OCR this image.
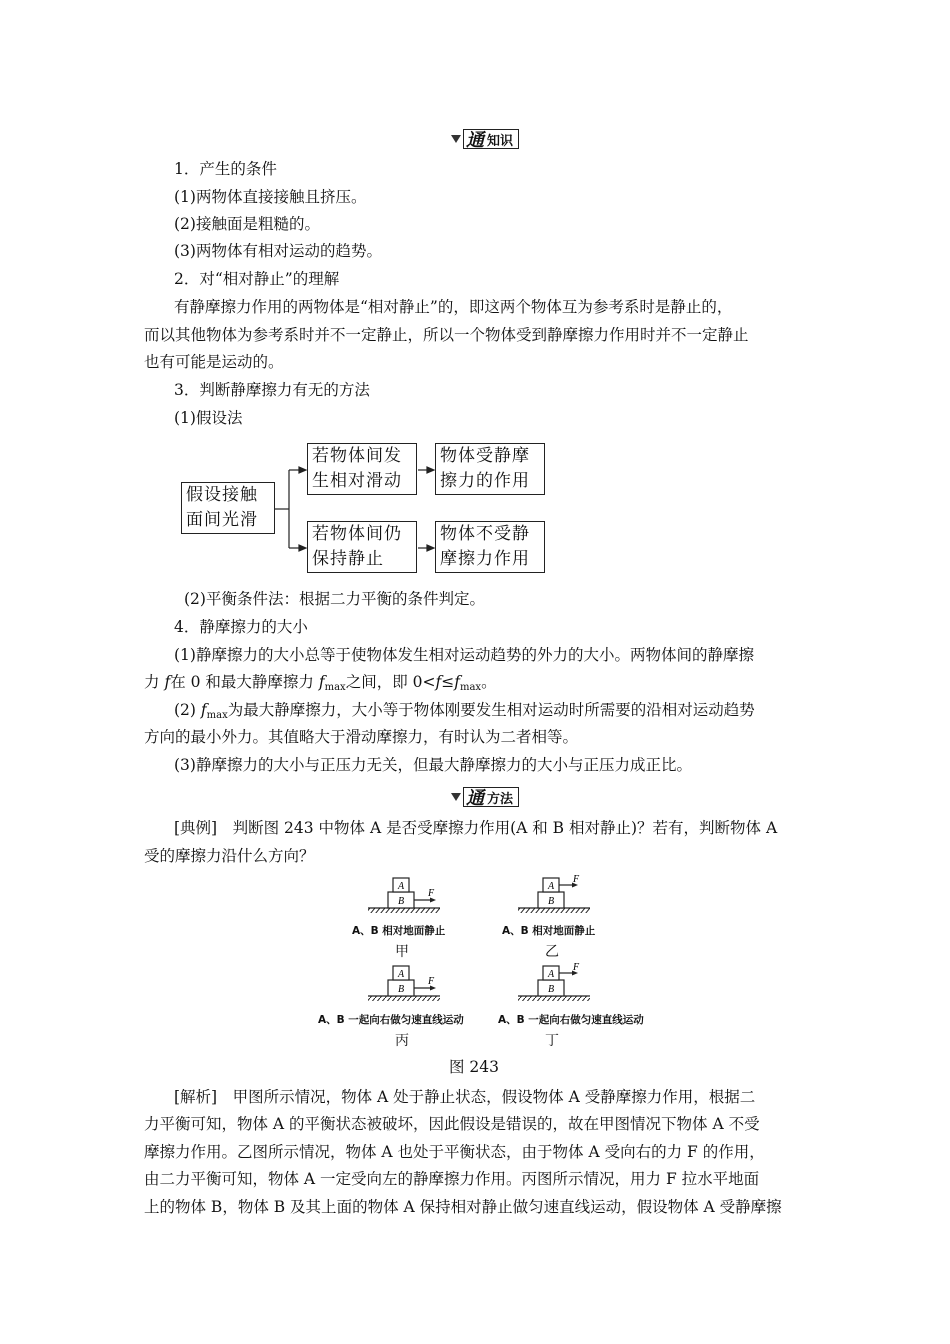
通 知识
1．产生的条件
(1)两物体直接接触且挤压。
(2)接触面是粗糙的。
(3)两物体有相对运动的趋势。
2．对“相对静止”的理解
有静摩擦力作用的两物体是“相对静止”的，即这两个物体互为参考系时是静止的，
而以其他物体为参考系时并不一定静止，所以一个物体受到静摩擦力作用时并不一定静止
也有可能是运动的。
3．判断静摩擦力有无的方法
(1)假设法
假设接触
面间光滑
若物体间发
生相对滑动
物体受静摩
擦力的作用
若物体间仍
保持静止
物体不受静
摩擦力作用
(2)平衡条件法：根据二力平衡的条件判定。
4．静摩擦力的大小
(1)静摩擦力的大小总等于使物体发生相对运动趋势的外力的大小。两物体间的静摩擦
力 f在 0 和最大静摩擦力 $f_{max}$之间，即 $0<f\le f_{max}$。
(2) $f_{max}$为最大静摩擦力，大小等于物体刚要发生相对运动时所需要的沿相对运动趋势
方向的最小外力。其值略大于滑动摩擦力，有时认为二者相等。
(3)静摩擦力的大小与正压力无关，但最大静摩擦力的大小与正压力成正比。
通 方法
[典例]　判断图 243 中物体 A 是否受摩擦力作用(A 和 B 相对静止)？若有，判断物体 A
受的摩擦力沿什么方向？
A
B
F
A
B
F
A
B
F
A
B
F
A、B 相对地面静止
甲
A、B 相对地面静止
乙
A、B 一起向右做匀速直线运动
丙
A、B 一起向右做匀速直线运动
丁
图 243
[解析]　甲图所示情况，物体 A 处于静止状态，假设物体 A 受静摩擦力作用，根据二
力平衡可知，物体 A 的平衡状态被破坏，因此假设是错误的，故在甲图情况下物体 A 不受
摩擦力作用。乙图所示情况，物体 A 也处于平衡状态，由于物体 A 受向右的力 F 的作用，
由二力平衡可知，物体 A 一定受向左的静摩擦力作用。丙图所示情况，用力 F 拉水平地面
上的物体 B，物体 B 及其上面的物体 A 保持相对静止做匀速直线运动，假设物体 A 受静摩擦
